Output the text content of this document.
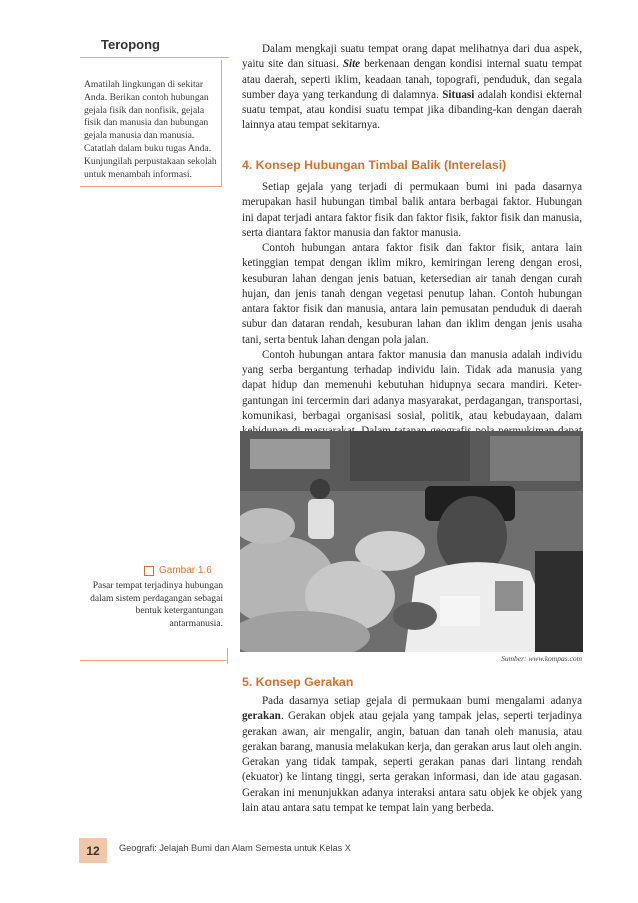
Teropong
Amatilah lingkungan di sekitar Anda. Berikan contoh hubungan gejala fisik dan nonfisik, gejala fisik dan manusia dan hubungan gejala manusia dan manusia. Catatlah dalam buku tugas Anda. Kunjungilah perpustakaan sekolah untuk menambah informasi.
Gambar 1.6
Pasar tempat terjadinya hubungan dalam sistem perdagangan sebagai bentuk ketergantungan antarmanusia.

Dalam mengkaji suatu tempat orang dapat melihatnya dari dua aspek, yaitu site dan situasi. Site berkenaan dengan kondisi internal suatu tempat atau daerah, seperti iklim, keadaan tanah, topografi, penduduk, dan segala sumber daya yang terkandung di dalamnya. Situasi adalah kondisi ekternal suatu tempat, atau kondisi suatu tempat jika dibanding-kan dengan daerah lainnya atau tempat sekitarnya.

4. Konsep Hubungan Timbal Balik (Interelasi)

Setiap gejala yang terjadi di permukaan bumi ini pada dasarnya merupakan hasil hubungan timbal balik antara berbagai faktor. Hubungan ini dapat terjadi antara faktor fisik dan faktor fisik, faktor fisik dan manusia, serta diantara faktor manusia dan faktor manusia.

Contoh hubungan antara faktor fisik dan faktor fisik, antara lain ketinggian tempat dengan iklim mikro, kemiringan lereng dengan erosi, kesuburan lahan dengan jenis batuan, ketersedian air tanah dengan curah hujan, dan jenis tanah dengan vegetasi penutup lahan. Contoh hubungan antara faktor fisik dan manusia, antara lain pemusatan penduduk di daerah subur dan dataran rendah, kesuburan lahan dan iklim dengan jenis usaha tani, serta bentuk lahan dengan pola jalan.

Contoh hubungan antara faktor manusia dan manusia adalah individu yang serba bergantung terhadap individu lain. Tidak ada manusia yang dapat hidup dan memenuhi kebutuhan hidupnya secara mandiri. Keter-gantungan ini tercermin dari adanya masyarakat, perdagangan, transportasi, komunikasi, berbagai organisasi sosial, politik, atau kebudayaan, dalam

Sumber: www.kompas.com
5. Konsep Gerakan

Pada dasarnya setiap gejala di permukaan bumi mengalami adanya gerakan. Gerakan objek atau gejala yang tampak jelas, seperti terjadinya gerakan awan, air mengalir, angin, batuan dan tanah oleh manusia, atau gerakan barang, manusia melakukan kerja, dan gerakan arus laut oleh angin. Gerakan yang tidak tampak, seperti gerakan panas dari lintang rendah (ekuator) ke lintang tinggi, serta gerakan informasi, dan ide atau gagasan. Gerakan ini menunjukkan adanya interaksi antara satu objek ke objek yang lain atau antara satu tempat ke tempat lain yang berbeda.

12	Geografi: Jelajah Bumi dan Alam Semesta untuk Kelas X
